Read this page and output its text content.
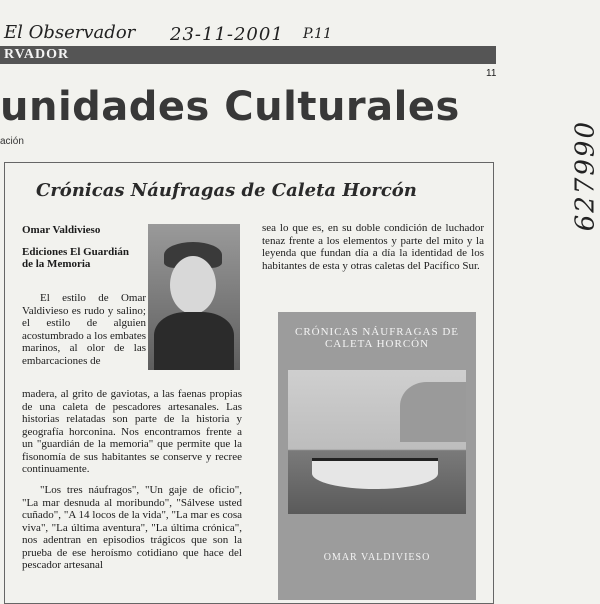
El Observador 23-11-2001 P.11
627990
RVADOR
11
unidades Culturales
ación
Crónicas Náufragas de Caleta Horcón
Omar Valdivieso
Ediciones El Guardián de la Memoria
El estilo de Omar Valdivieso es rudo y salino; el estilo de alguien acostumbrado a los embates marinos, al olor de las embarcaciones de
madera, al grito de gaviotas, a las faenas propias de una caleta de pescadores artesanales. Las historias relatadas son parte de la historia y geografía horconina. Nos encontramos frente a un "guardián de la memoria" que permite que la fisonomía de sus habitantes se conserve y recree continuamente.
"Los tres náufragos", "Un gaje de oficio", "La mar desnuda al moribundo", "Sálvese usted cuñado", "A 14 locos de la vida", "La mar es cosa viva", "La última aventura", "La última crónica", nos adentran en episodios trágicos que son la prueba de ese heroísmo cotidiano que hace del pescador artesanal
sea lo que es, en su doble condición de luchador tenaz frente a los elementos y parte del mito y la leyenda que fundan día a día la identidad de los habitantes de esta y otras caletas del Pacífico Sur.
CRÓNICAS NÁUFRAGAS DE CALETA HORCÓN
OMAR VALDIVIESO
